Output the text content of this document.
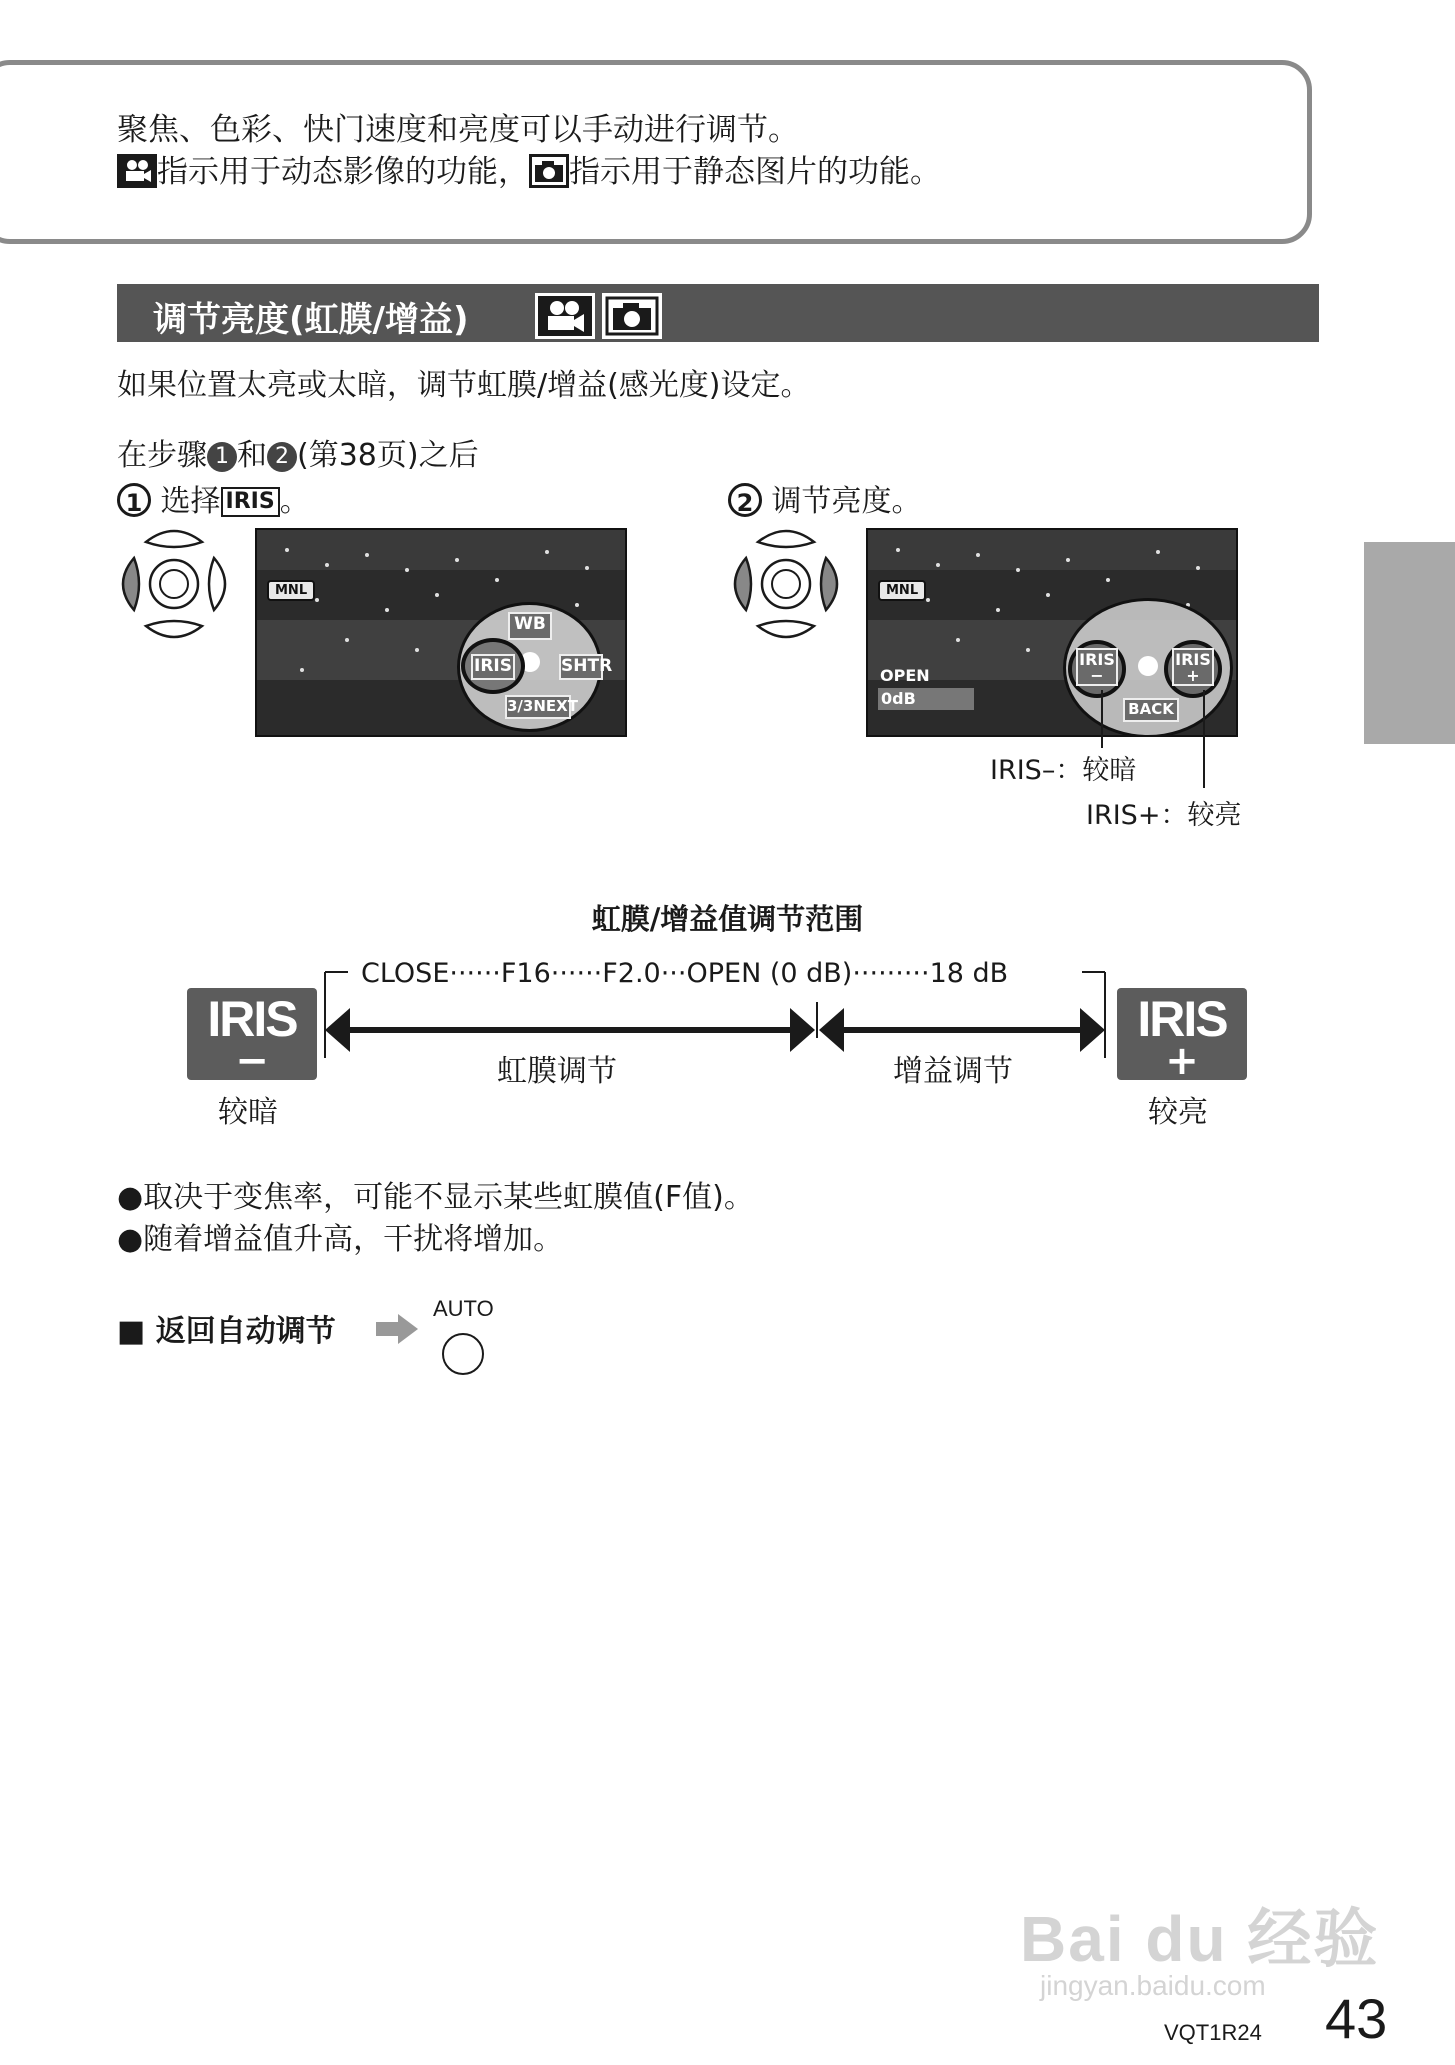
聚焦、色彩、快门速度和亮度可以手动进行调节。
指示用于动态影像的功能， 指示用于静态图片的功能。
调节亮度(虹膜/增益)
如果位置太亮或太暗，调节虹膜/增益(感光度)设定。
在步骤 1 和 2 (第38页)之后
1 选择 IRIS 。	2 调节亮度。
MNL
WB
IRIS	SHTR
3/3NEXT
MNL
OPEN
0dB
IRIS
−
IRIS
+
BACK
IRIS–：较暗
IRIS+：较亮
虹膜/增益值调节范围
CLOSE······F16······F2.0···OPEN (0 dB)·········18 dB
IRIS
−
IRIS
+
较暗	较亮
虹膜调节	增益调节
●取决于变焦率，可能不显示某些虹膜值(F值)。
●随着增益值升高，干扰将增加。
■ 返回自动调节
AUTO
Bai du 经验
jingyan.baidu.com
VQT1R24 43
